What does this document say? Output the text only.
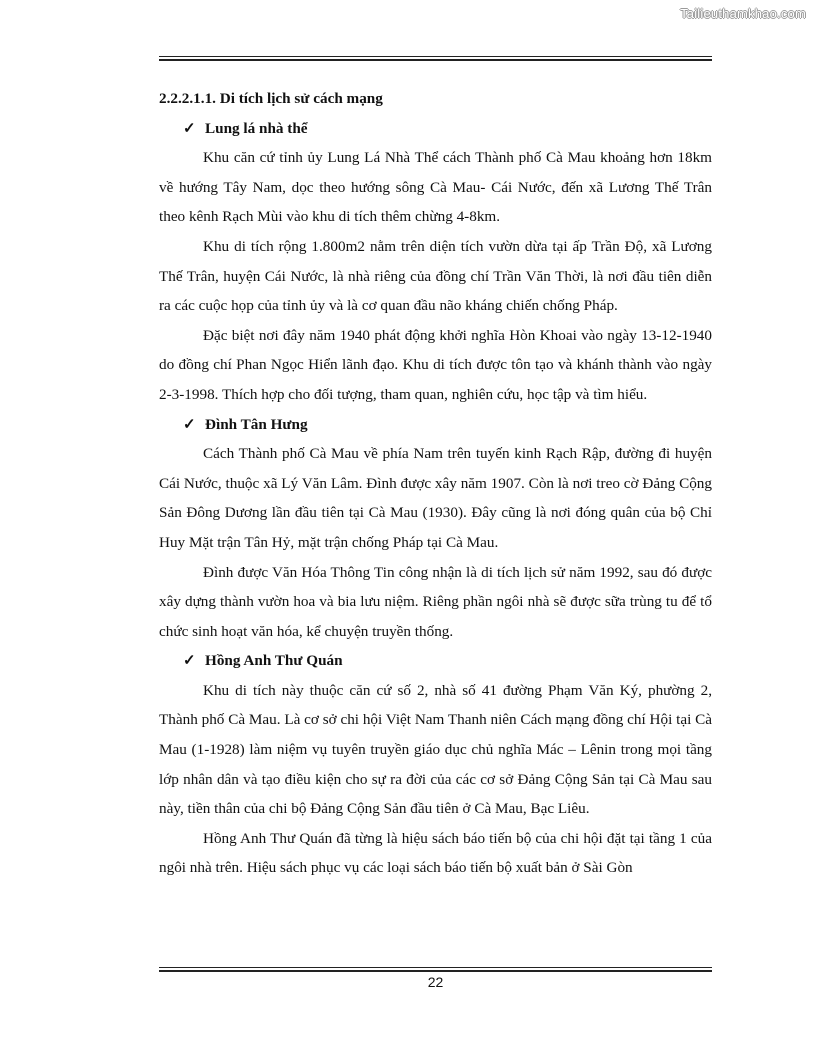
Tailieuthamkhao.com

2.2.2.1.1. Di tích lịch sử cách mạng

✓ Lung lá nhà thể

Khu căn cứ tỉnh ủy Lung Lá Nhà Thể cách Thành phố Cà Mau khoảng hơn 18km về hướng Tây Nam, dọc theo hướng sông Cà Mau- Cái Nước, đến xã Lương Thế Trân theo kênh Rạch Mùi vào khu di tích thêm chừng 4-8km.

Khu di tích rộng 1.800m2 nằm trên diện tích vườn dừa tại ấp Trần Độ, xã Lương Thế Trân, huyện Cái Nước, là nhà riêng của đồng chí Trần Văn Thời, là nơi đầu tiên diễn ra các cuộc họp của tỉnh ủy và là cơ quan đầu não kháng chiến chống Pháp.

Đặc biệt nơi đây năm 1940 phát động khởi nghĩa Hòn Khoai vào ngày 13-12-1940 do đồng chí Phan Ngọc Hiển lãnh đạo. Khu di tích được tôn tạo và khánh thành vào ngày 2-3-1998. Thích hợp cho đối tượng, tham quan, nghiên cứu, học tập và tìm hiểu.

✓ Đình Tân Hưng

Cách Thành phố Cà Mau về phía Nam trên tuyến kinh Rạch Rập, đường đi huyện Cái Nước, thuộc xã Lý Văn Lâm. Đình được xây năm 1907. Còn là nơi treo cờ Đảng Cộng Sản Đông Dương lần đầu tiên tại Cà Mau (1930). Đây cũng là nơi đóng quân của bộ Chỉ Huy Mặt trận Tân Hỷ, mặt trận chống Pháp tại Cà Mau.

Đình được Văn Hóa Thông Tin công nhận là di tích lịch sử năm 1992, sau đó được xây dựng thành vườn hoa và bia lưu niệm. Riêng phần ngôi nhà sẽ được sữa trùng tu để tổ chức sinh hoạt văn hóa, kể chuyện truyền thống.

✓ Hồng Anh Thư Quán

Khu di tích này thuộc căn cứ số 2, nhà số 41 đường Phạm Văn Ký, phường 2, Thành phố Cà Mau. Là cơ sở chi hội Việt Nam Thanh niên Cách mạng đồng chí Hội tại Cà Mau (1-1928) làm niệm vụ tuyên truyền giáo dục chủ nghĩa Mác – Lênin trong mọi tầng lớp nhân dân và tạo điều kiện cho sự ra đời của các cơ sở Đảng Cộng Sản tại Cà Mau sau này, tiền thân của chi bộ Đảng Cộng Sản đầu tiên ở Cà Mau, Bạc Liêu.

Hồng Anh Thư Quán đã từng là hiệu sách báo tiến bộ của chi hội đặt tại tầng 1 của ngôi nhà trên. Hiệu sách phục vụ các loại sách báo tiến bộ xuất bản ở Sài Gòn

22
